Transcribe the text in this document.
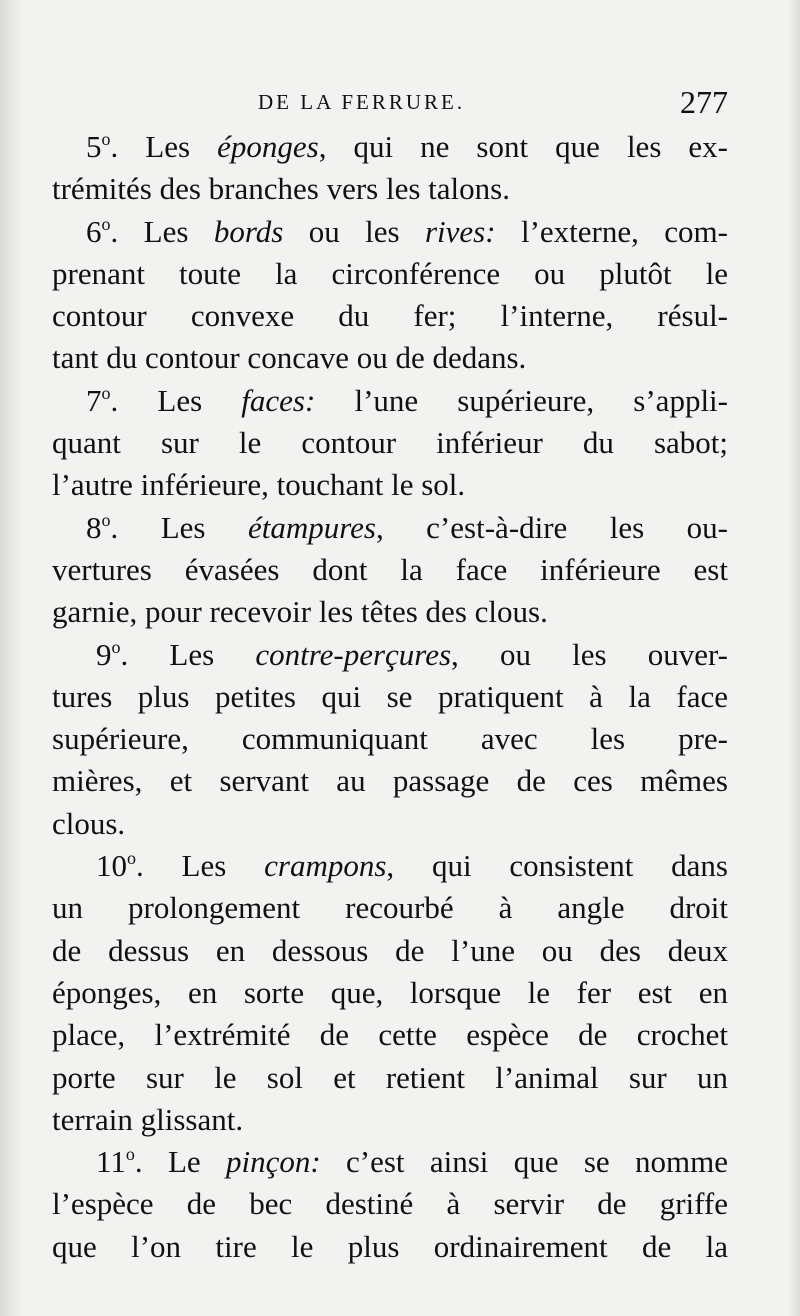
DE LA FERRURE.	277
5$^o$. Les éponges, qui ne sont que les ex-
trémités des branches vers les talons.
6$^o$. Les bords ou les rives: l’externe, com-
prenant toute la circonférence ou plutôt le
contour convexe du fer; l’interne, résul-
tant du contour concave ou de dedans.
7$^o$. Les faces: l’une supérieure, s’appli-
quant sur le contour inférieur du sabot;
l’autre inférieure, touchant le sol.
8$^o$. Les étampures, c’est-à-dire les ou-
vertures évasées dont la face inférieure est
garnie, pour recevoir les têtes des clous.
9$^o$. Les contre-perçures, ou les ouver-
tures plus petites qui se pratiquent à la face
supérieure, communiquant avec les pre-
mières, et servant au passage de ces mêmes
clous.
10$^o$. Les crampons, qui consistent dans
un prolongement recourbé à angle droit
de dessus en dessous de l’une ou des deux
éponges, en sorte que, lorsque le fer est en
place, l’extrémité de cette espèce de crochet
porte sur le sol et retient l’animal sur un
terrain glissant.
11$^o$. Le pinçon: c’est ainsi que se nomme
l’espèce de bec destiné à servir de griffe
que l’on tire le plus ordinairement de la
